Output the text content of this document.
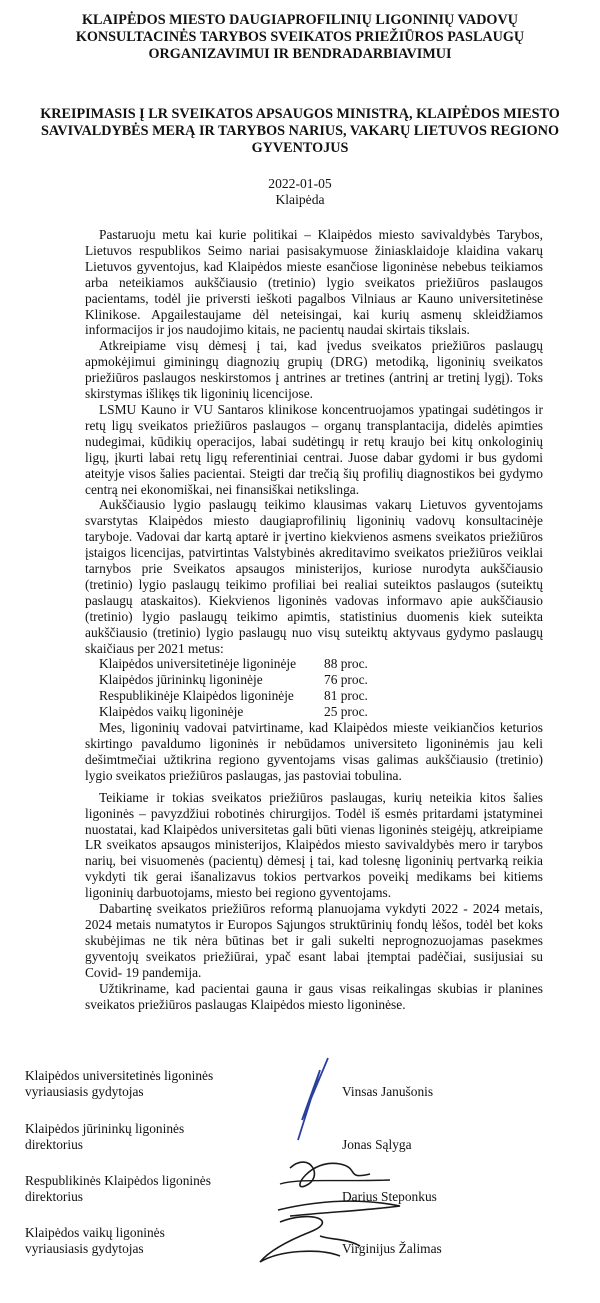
KLAIPĖDOS MIESTO DAUGIAPROFILINIŲ LIGONINIŲ VADOVŲ
KONSULTACINĖS TARYBOS SVEIKATOS PRIEŽIŪROS PASLAUGŲ
ORGANIZAVIMUI IR BENDRADARBIAVIMUI
KREIPIMASIS Į LR SVEIKATOS APSAUGOS MINISTRĄ, KLAIPĖDOS MIESTO
SAVIVALDYBĖS MERĄ IR TARYBOS NARIUS, VAKARŲ LIETUVOS REGIONO
GYVENTOJUS
2022-01-05
Klaipėda

Pastaruoju metu kai kurie politikai – Klaipėdos miesto savivaldybės Tarybos, Lietuvos respublikos Seimo nariai pasisakymuose žiniasklaidoje klaidina vakarų Lietuvos gyventojus, kad Klaipėdos mieste esančiose ligoninėse nebebus teikiamos arba neteikiamos aukščiausio (tretinio) lygio sveikatos priežiūros paslaugos pacientams, todėl jie priversti ieškoti pagalbos Vilniaus ar Kauno universitetinėse Klinikose. Apgailestaujame dėl neteisingai, kai kurių asmenų skleidžiamos informacijos ir jos naudojimo kitais, ne pacientų naudai skirtais tikslais.

Atkreipiame visų dėmesį į tai, kad įvedus sveikatos priežiūros paslaugų apmokėjimui giminingų diagnozių grupių (DRG) metodiką, ligoninių sveikatos priežiūros paslaugos neskirstomos į antrines ar tretines (antrinį ar tretinį lygį). Toks skirstymas išlikęs tik ligoninių licencijose.

LSMU Kauno ir VU Santaros klinikose koncentruojamos ypatingai sudėtingos ir retų ligų sveikatos priežiūros paslaugos – organų transplantacija, didelės apimties nudegimai, kūdikių operacijos, labai sudėtingų ir retų kraujo bei kitų onkologinių ligų, įkurti labai retų ligų referentiniai centrai. Juose dabar gydomi ir bus gydomi ateityje visos šalies pacientai. Steigti dar trečią šių profilių diagnostikos bei gydymo centrą nei ekonomiškai, nei finansiškai netikslinga.

Aukščiausio lygio paslaugų teikimo klausimas vakarų Lietuvos gyventojams svarstytas Klaipėdos miesto daugiaprofilinių ligoninių vadovų konsultacinėje taryboje. Vadovai dar kartą aptarė ir įvertino kiekvienos asmens sveikatos priežiūros įstaigos licencijas, patvirtintas Valstybinės akreditavimo sveikatos priežiūros veiklai tarnybos prie Sveikatos apsaugos ministerijos, kuriose nurodyta aukščiausio (tretinio) lygio paslaugų teikimo profiliai bei realiai suteiktos paslaugos (suteiktų paslaugų ataskaitos). Kiekvienos ligoninės vadovas informavo apie aukščiausio (tretinio) lygio paslaugų teikimo apimtis, statistinius duomenis kiek suteikta aukščiausio (tretinio) lygio paslaugų nuo visų suteiktų aktyvaus gydymo paslaugų skaičiaus per 2021 metus:

Klaipėdos universitetinėje ligoninėje	88 proc.
Klaipėdos jūrininkų ligoninėje	76 proc.
Respublikinėje Klaipėdos ligoninėje	81 proc.
Klaipėdos vaikų ligoninėje	25 proc.

Mes, ligoninių vadovai patvirtiname, kad Klaipėdos mieste veikiančios keturios skirtingo pavaldumo ligoninės ir nebūdamos universiteto ligoninėmis jau keli dešimtmečiai užtikrina regiono gyventojams visas galimas aukščiausio (tretinio) lygio sveikatos priežiūros paslaugas, jas pastoviai tobulina.

Teikiame ir tokias sveikatos priežiūros paslaugas, kurių neteikia kitos šalies ligoninės – pavyzdžiui robotinės chirurgijos. Todėl iš esmės pritardami įstatyminei nuostatai, kad Klaipėdos universitetas gali būti vienas ligoninės steigėjų, atkreipiame LR sveikatos apsaugos ministerijos, Klaipėdos miesto savivaldybės mero ir tarybos narių, bei visuomenės (pacientų) dėmesį į tai, kad tolesnę ligoninių pertvarką reikia vykdyti tik gerai išanalizavus tokios pertvarkos poveikį medikams bei kitiems ligoninių darbuotojams, miesto bei regiono gyventojams.

Dabartinę sveikatos priežiūros reformą planuojama vykdyti 2022 - 2024 metais, 2024 metais numatytos ir Europos Sąjungos struktūrinių fondų lėšos, todėl bet koks skubėjimas ne tik nėra būtinas bet ir gali sukelti neprognozuojamas pasekmes gyventojų sveikatos priežiūrai, ypač esant labai įtemptai padėčiai, susijusiai su Covid- 19 pandemija.

Užtikriname, kad pacientai gauna ir gaus visas reikalingas skubias ir planines sveikatos priežiūros paslaugas Klaipėdos miesto ligoninėse.

Klaipėdos universitetinės ligoninės
vyriausiasis gydytojas	Vinsas Janušonis
Klaipėdos jūrininkų ligoninės
direktorius	Jonas Sąlyga
Respublikinės Klaipėdos ligoninės
direktorius	Darius Steponkus
Klaipėdos vaikų ligoninės
vyriausiasis gydytojas	Virginijus Žalimas
